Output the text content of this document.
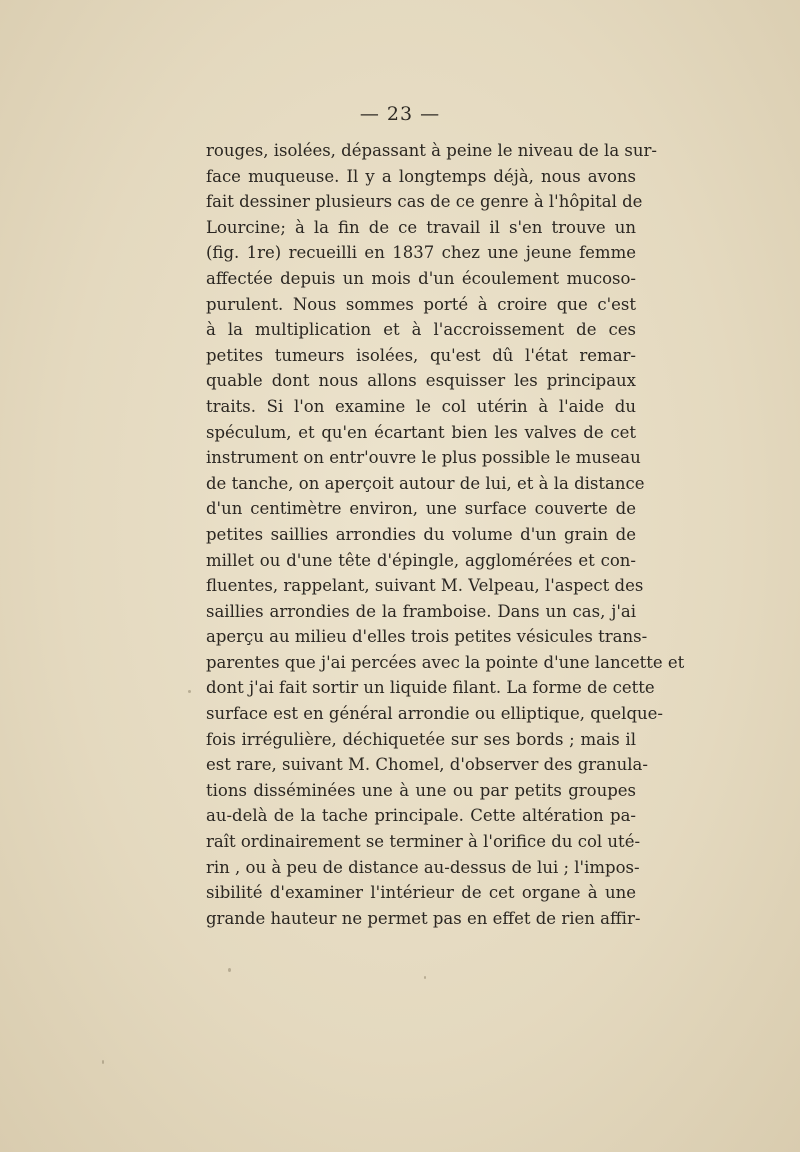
— 23 —
rouges, isolées, dépassant à peine le niveau de la sur-
face muqueuse. Il y a longtemps déjà, nous avons
fait dessiner plusieurs cas de ce genre à l'hôpital de
Lourcine; à la fin de ce travail il s'en trouve un
(fig. 1re) recueilli en 1837 chez une jeune femme
affectée depuis un mois d'un écoulement mucoso-
purulent. Nous sommes porté à croire que c'est
à la multiplication et à l'accroissement de ces
petites tumeurs isolées, qu'est dû l'état remar-
quable dont nous allons esquisser les principaux
traits. Si l'on examine le col utérin à l'aide du
spéculum, et qu'en écartant bien les valves de cet
instrument on entr'ouvre le plus possible le museau
de tanche, on aperçoit autour de lui, et à la distance
d'un centimètre environ, une surface couverte de
petites saillies arrondies du volume d'un grain de
millet ou d'une tête d'épingle, agglomérées et con-
fluentes, rappelant, suivant M. Velpeau, l'aspect des
saillies arrondies de la framboise. Dans un cas, j'ai
aperçu au milieu d'elles trois petites vésicules trans-
parentes que j'ai percées avec la pointe d'une lancette et
dont j'ai fait sortir un liquide filant. La forme de cette
surface est en général arrondie ou elliptique, quelque-
fois irrégulière, déchiquetée sur ses bords ; mais il
est rare, suivant M. Chomel, d'observer des granula-
tions disséminées une à une ou par petits groupes
au-delà de la tache principale. Cette altération pa-
raît ordinairement se terminer à l'orifice du col uté-
rin , ou à peu de distance au-dessus de lui ; l'impos-
sibilité d'examiner l'intérieur de cet organe à une
grande hauteur ne permet pas en effet de rien affir-
